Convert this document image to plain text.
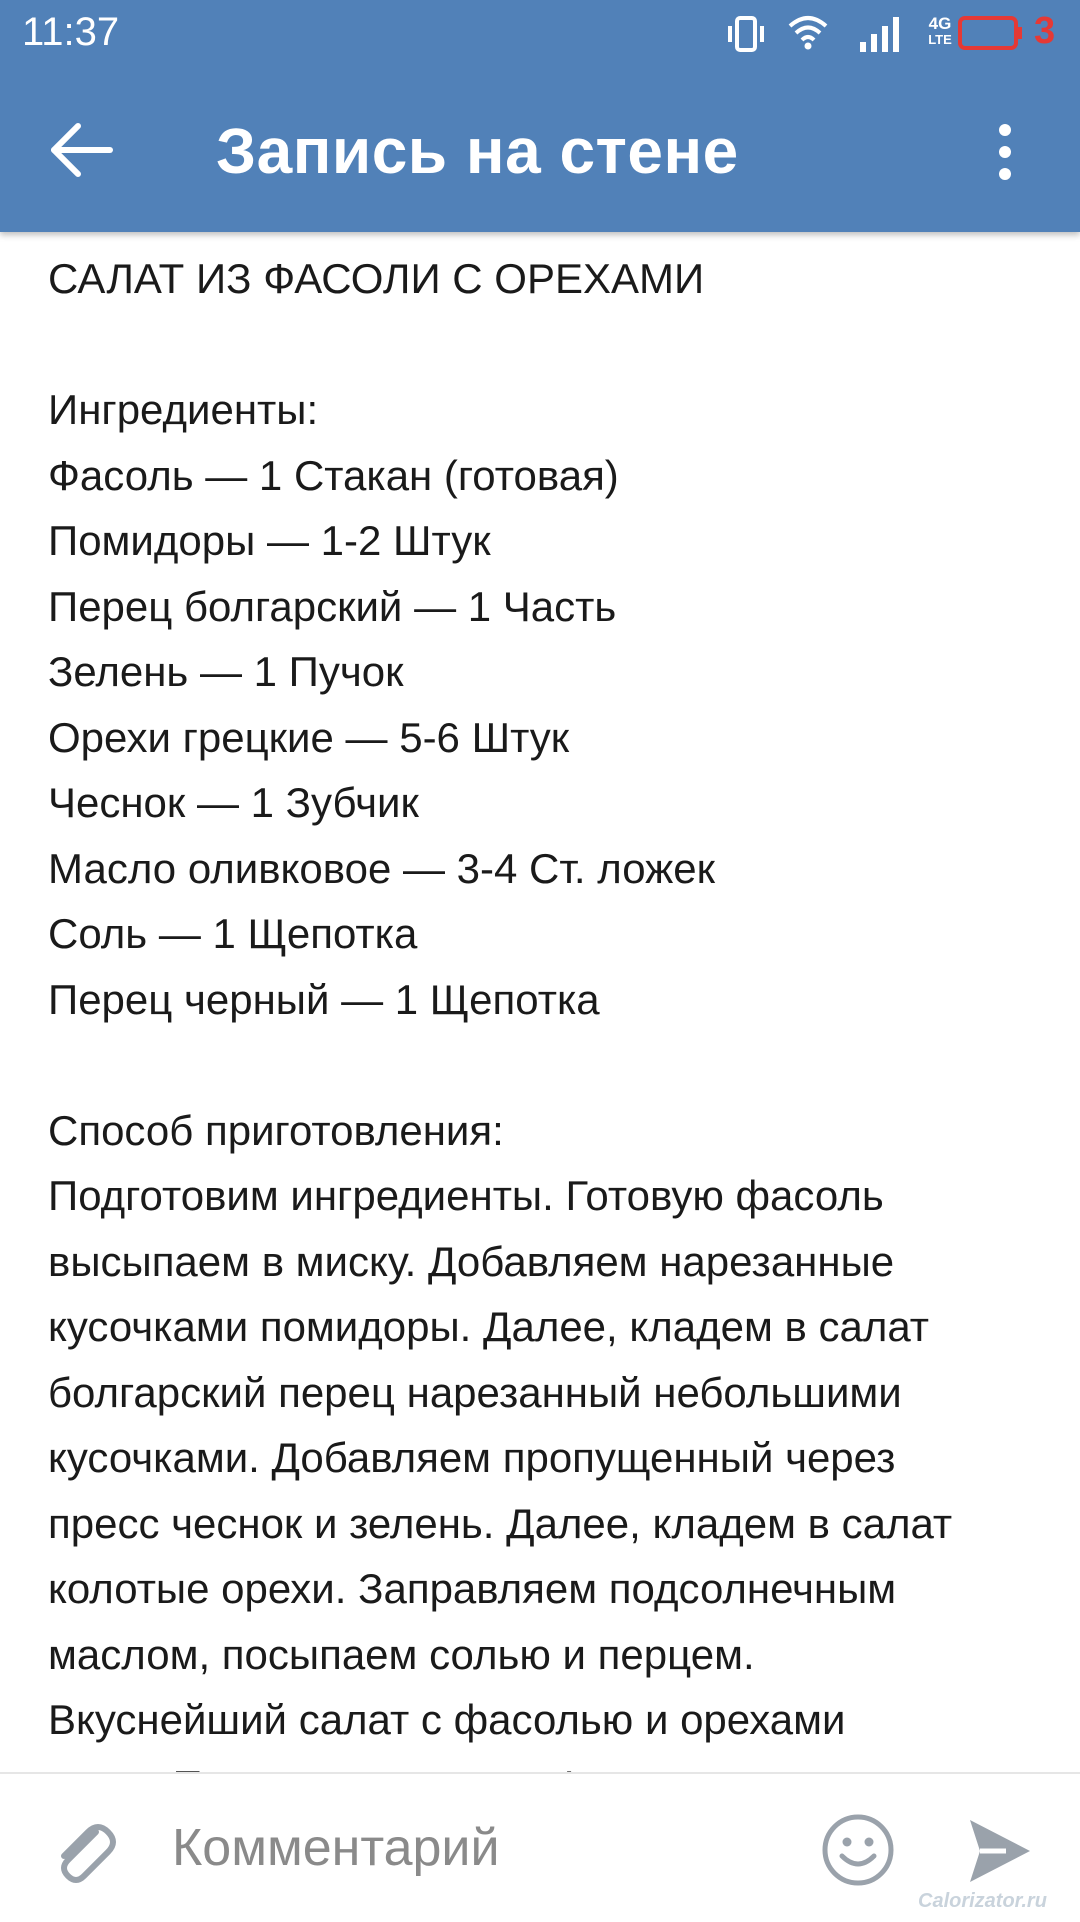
11:37	4G
LTE 3
Запись на стене
САЛАТ ИЗ ФАСОЛИ С ОРЕХАМИ
Ингредиенты:
Фасоль — 1 Стакан (готовая)
Помидоры — 1-2 Штук
Перец болгарский — 1 Часть
Зелень — 1 Пучок
Орехи грецкие — 5-6 Штук
Чеснок — 1 Зубчик
Масло оливковое — 3-4 Ст. ложек
Соль — 1 Щепотка
Перец черный — 1 Щепотка
Способ приготовления:
Подготовим ингредиенты. Готовую фасоль
высыпаем в миску. Добавляем нарезанные
кусочками помидоры. Далее, кладем в салат
болгарский перец нарезанный небольшими
кусочками. Добавляем пропущенный через
пресс чеснок и зелень. Далее, кладем в салат
колотые орехи. Заправляем подсолнечным
маслом, посыпаем солью и перцем.
Вкуснейший салат с фасолью и орехами
Комментарий
Calorizator.ru
